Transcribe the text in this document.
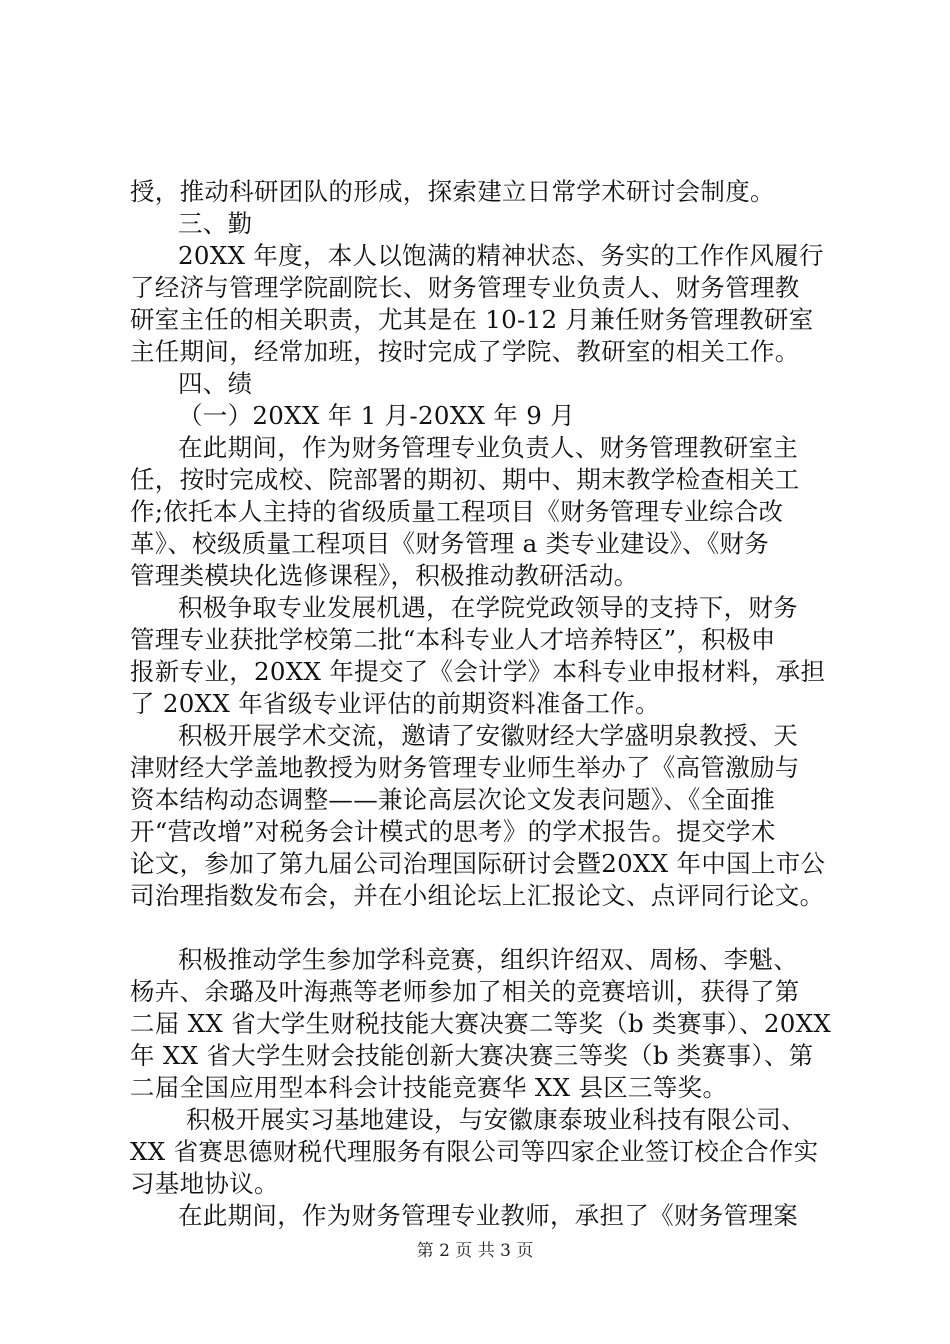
授，推动科研团队的形成，探索建立日常学术研讨会制度。
三、勤
20XX 年度，本人以饱满的精神状态、务实的工作作风履行
了经济与管理学院副院长、财务管理专业负责人、财务管理教
研室主任的相关职责，尤其是在 10-12 月兼任财务管理教研室
主任期间，经常加班，按时完成了学院、教研室的相关工作。
四、绩
（一）20XX 年 1 月-20XX 年 9 月
在此期间，作为财务管理专业负责人、财务管理教研室主
任，按时完成校、院部署的期初、期中、期末教学检查相关工
作;依托本人主持的省级质量工程项目《财务管理专业综合改
革》、校级质量工程项目《财务管理 a 类专业建设》、《财务
管理类模块化选修课程》，积极推动教研活动。
积极争取专业发展机遇，在学院党政领导的支持下，财务
管理专业获批学校第二批“本科专业人才培养特区”，积极申
报新专业，20XX 年提交了《会计学》本科专业申报材料，承担
了 20XX 年省级专业评估的前期资料准备工作。
积极开展学术交流，邀请了安徽财经大学盛明泉教授、天
津财经大学盖地教授为财务管理专业师生举办了《高管激励与
资本结构动态调整——兼论高层次论文发表问题》、《全面推
开“营改增”对税务会计模式的思考》的学术报告。提交学术
论文，参加了第九届公司治理国际研讨会暨20XX 年中国上市公
司治理指数发布会，并在小组论坛上汇报论文、点评同行论文。
积极推动学生参加学科竞赛，组织许绍双、周杨、李魁、
杨卉、余璐及叶海燕等老师参加了相关的竞赛培训，获得了第
二届 XX 省大学生财税技能大赛决赛二等奖（b 类赛事）、20XX
年 XX 省大学生财会技能创新大赛决赛三等奖（b 类赛事）、第
二届全国应用型本科会计技能竞赛华 XX 县区三等奖。
积极开展实习基地建设，与安徽康泰玻业科技有限公司、
XX 省赛思德财税代理服务有限公司等四家企业签订校企合作实
习基地协议。
在此期间，作为财务管理专业教师，承担了《财务管理案
第 2 页 共 3 页
